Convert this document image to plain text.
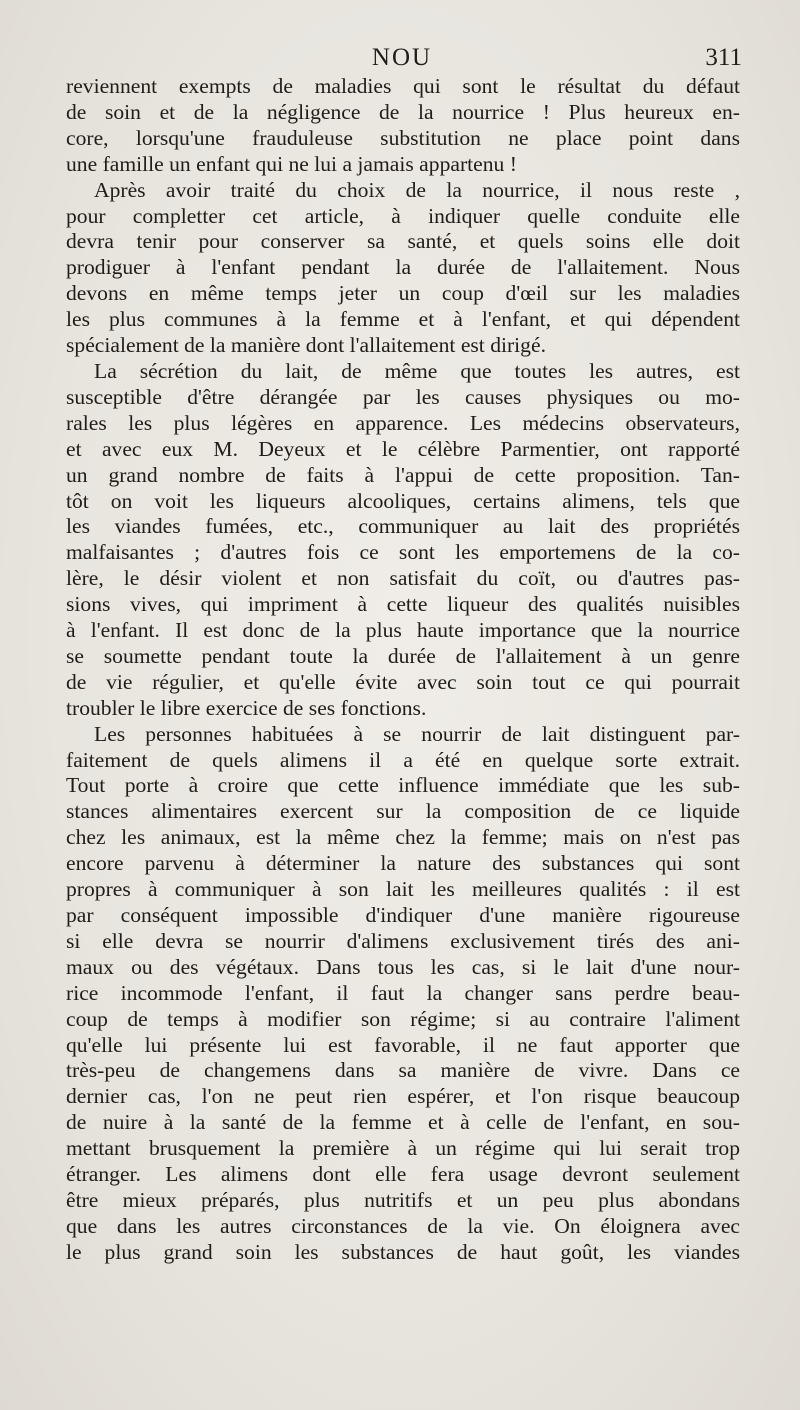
NOU	311
reviennent exempts de maladies qui sont le résultat du défaut
de soin et de la négligence de la nourrice ! Plus heureux en-
core, lorsqu'une frauduleuse substitution ne place point dans
une famille un enfant qui ne lui a jamais appartenu !
Après avoir traité du choix de la nourrice, il nous reste ,
pour completter cet article, à indiquer quelle conduite elle
devra tenir pour conserver sa santé, et quels soins elle doit
prodiguer à l'enfant pendant la durée de l'allaitement. Nous
devons en même temps jeter un coup d'œil sur les maladies
les plus communes à la femme et à l'enfant, et qui dépendent
spécialement de la manière dont l'allaitement est dirigé.
La sécrétion du lait, de même que toutes les autres, est
susceptible d'être dérangée par les causes physiques ou mo-
rales les plus légères en apparence. Les médecins observateurs,
et avec eux M. Deyeux et le célèbre Parmentier, ont rapporté
un grand nombre de faits à l'appui de cette proposition. Tan-
tôt on voit les liqueurs alcooliques, certains alimens, tels que
les viandes fumées, etc., communiquer au lait des propriétés
malfaisantes ; d'autres fois ce sont les emportemens de la co-
lère, le désir violent et non satisfait du coït, ou d'autres pas-
sions vives, qui impriment à cette liqueur des qualités nuisibles
à l'enfant. Il est donc de la plus haute importance que la nourrice
se soumette pendant toute la durée de l'allaitement à un genre
de vie régulier, et qu'elle évite avec soin tout ce qui pourrait
troubler le libre exercice de ses fonctions.
Les personnes habituées à se nourrir de lait distinguent par-
faitement de quels alimens il a été en quelque sorte extrait.
Tout porte à croire que cette influence immédiate que les sub-
stances alimentaires exercent sur la composition de ce liquide
chez les animaux, est la même chez la femme; mais on n'est pas
encore parvenu à déterminer la nature des substances qui sont
propres à communiquer à son lait les meilleures qualités : il est
par conséquent impossible d'indiquer d'une manière rigoureuse
si elle devra se nourrir d'alimens exclusivement tirés des ani-
maux ou des végétaux. Dans tous les cas, si le lait d'une nour-
rice incommode l'enfant, il faut la changer sans perdre beau-
coup de temps à modifier son régime; si au contraire l'aliment
qu'elle lui présente lui est favorable, il ne faut apporter que
très-peu de changemens dans sa manière de vivre. Dans ce
dernier cas, l'on ne peut rien espérer, et l'on risque beaucoup
de nuire à la santé de la femme et à celle de l'enfant, en sou-
mettant brusquement la première à un régime qui lui serait trop
étranger. Les alimens dont elle fera usage devront seulement
être mieux préparés, plus nutritifs et un peu plus abondans
que dans les autres circonstances de la vie. On éloignera avec
le plus grand soin les substances de haut goût, les viandes
